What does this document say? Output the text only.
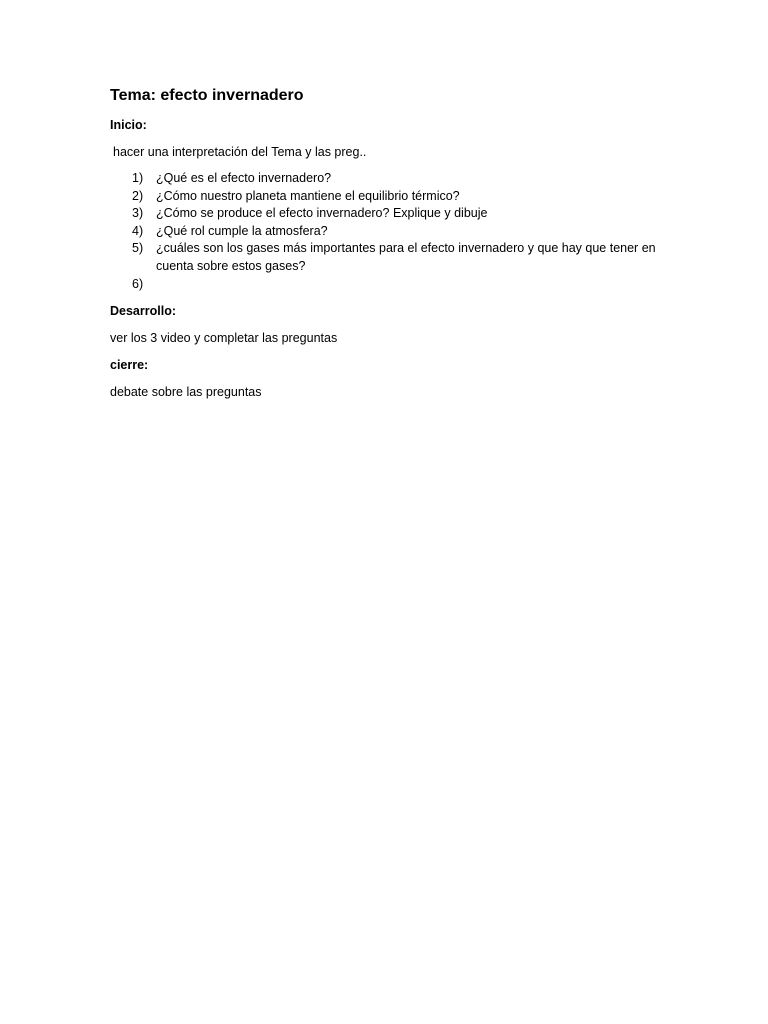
Tema: efecto invernadero
Inicio:
hacer una interpretación del Tema y las preg..
1)	¿Qué es el efecto invernadero?
2)	¿Cómo nuestro planeta mantiene el equilibrio térmico?
3)	¿Cómo se produce el efecto invernadero? Explique y dibuje
4)	¿Qué rol cumple la atmosfera?
5)	¿cuáles son los gases más importantes para el efecto invernadero y que hay que tener en cuenta sobre estos gases?
6)
Desarrollo:
ver los 3 video y completar las preguntas
cierre:
debate sobre las preguntas
